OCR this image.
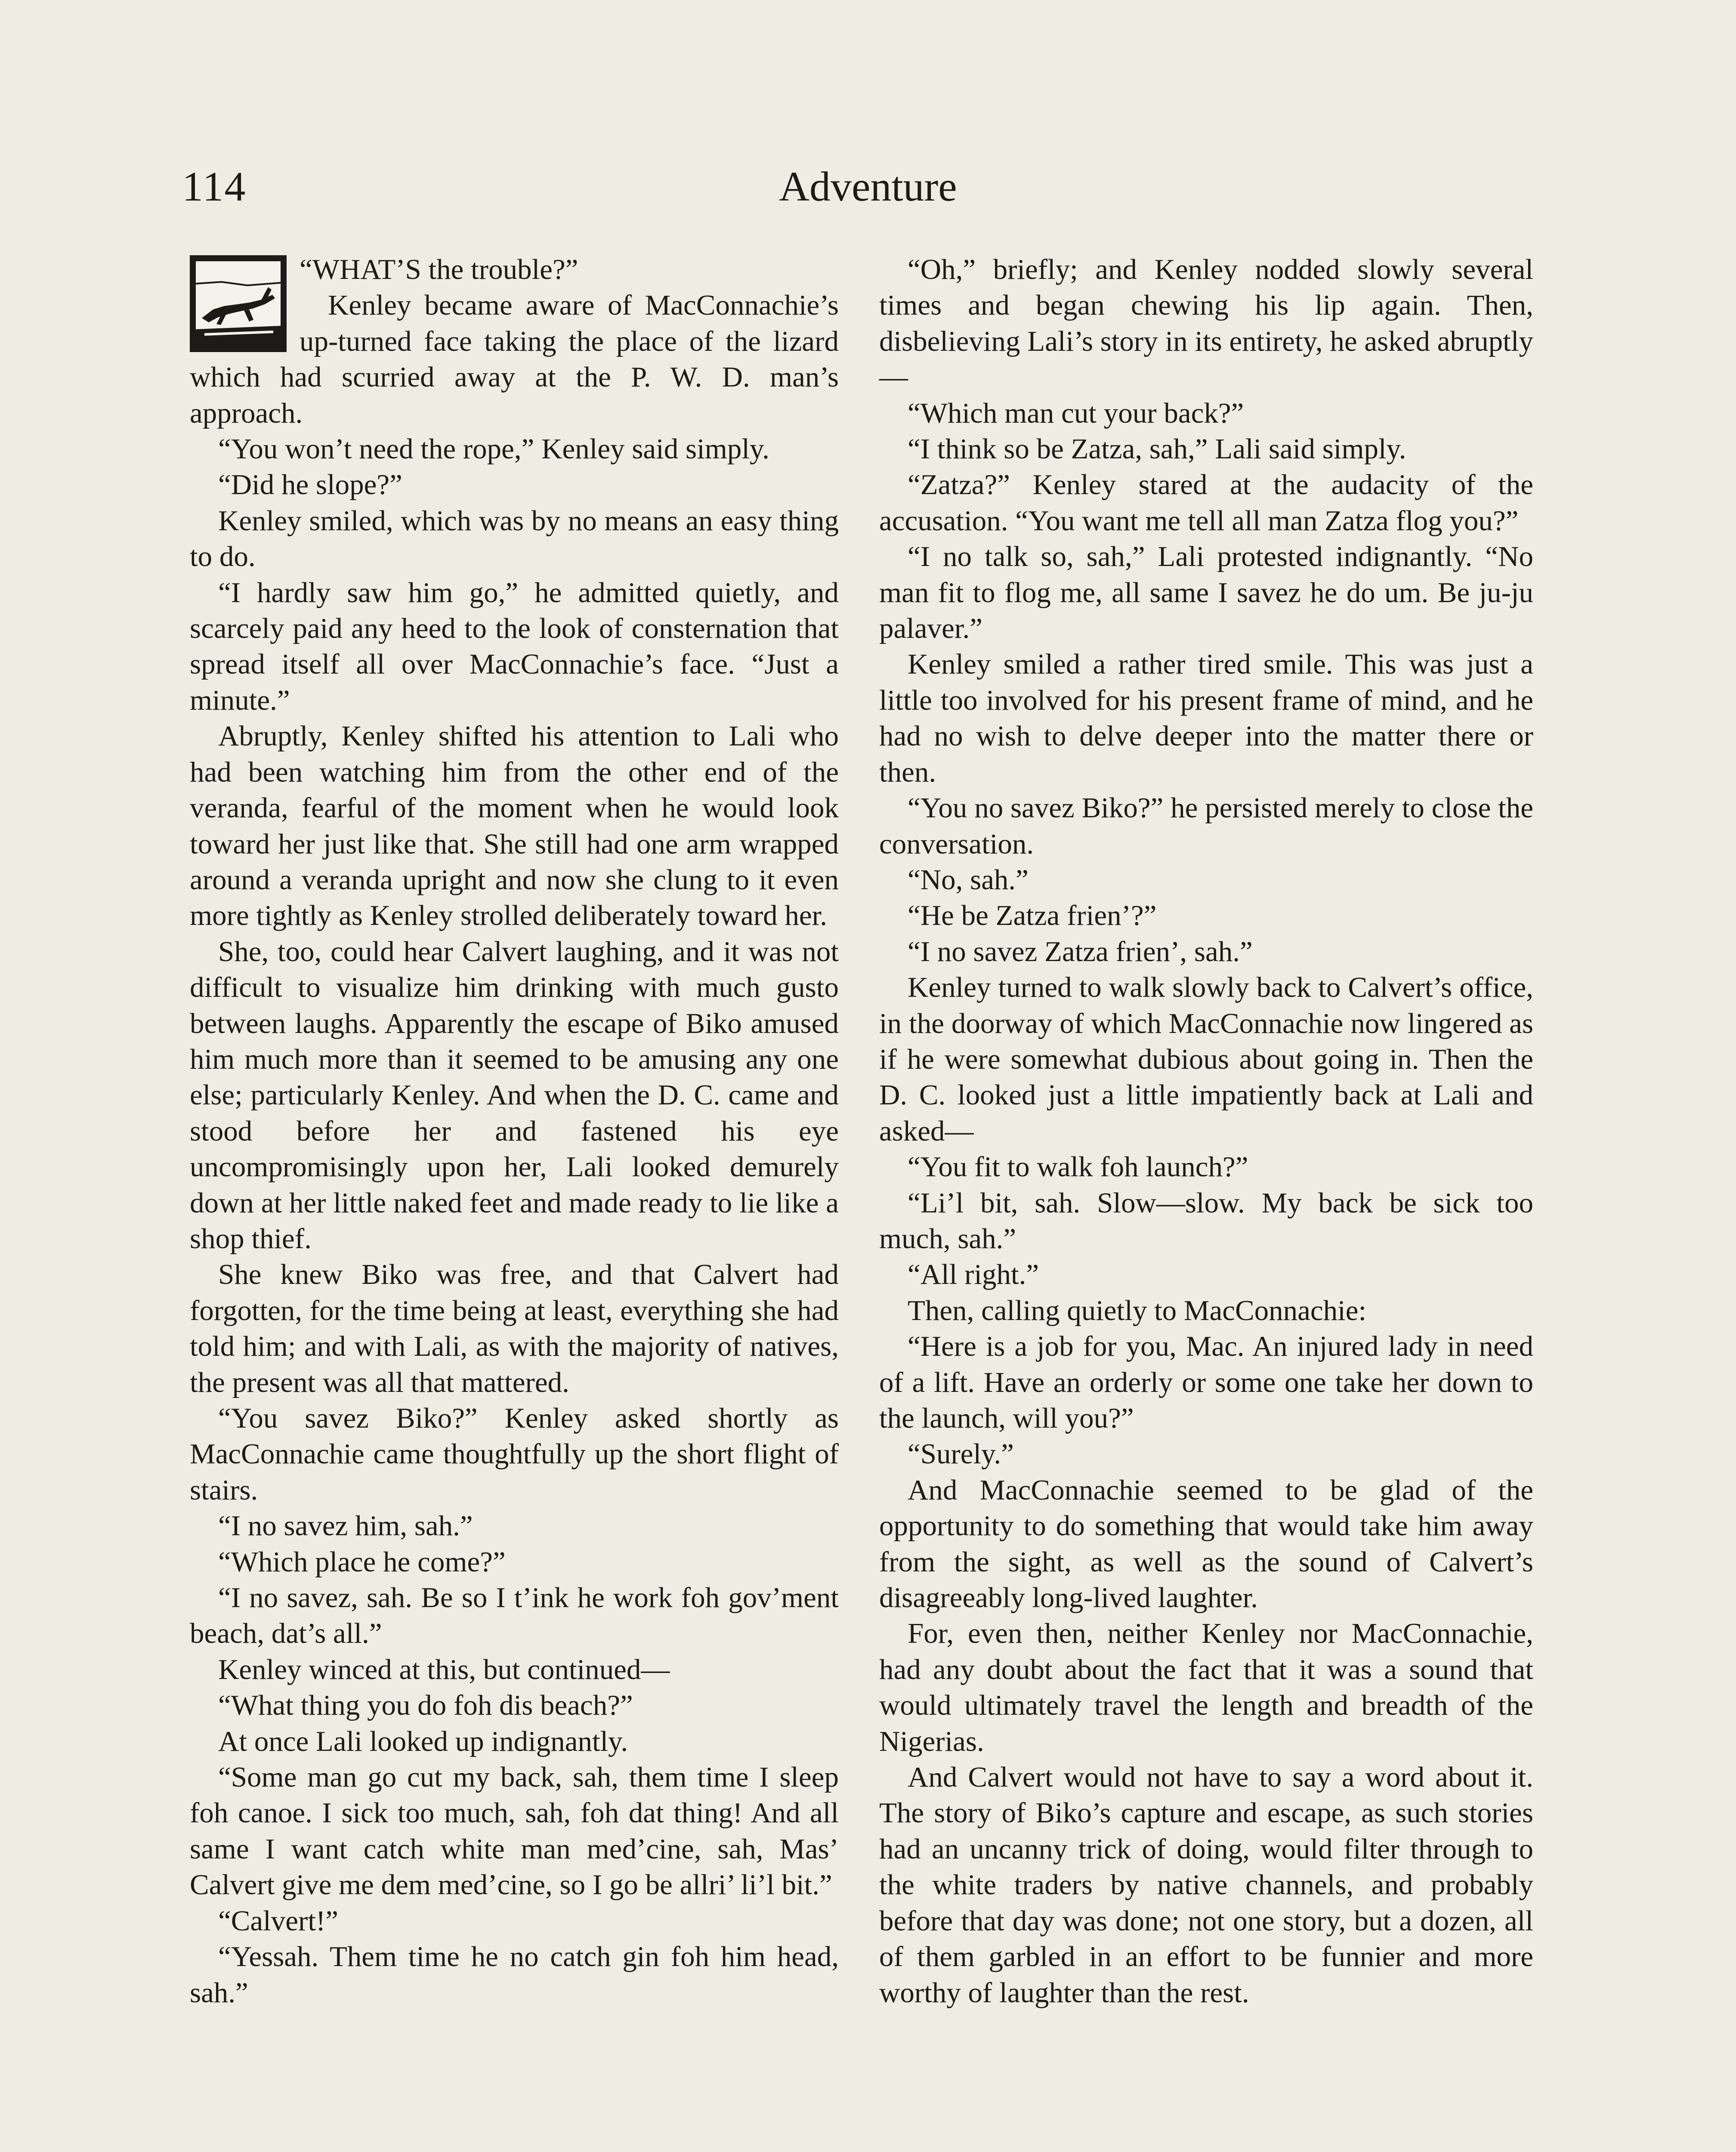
114	Adventure

“WHAT’S the trouble?”

Kenley became aware of MacConnachie’s up-turned face taking the place of the lizard which had scurried away at the P. W. D. man’s approach.

“You won’t need the rope,” Kenley said simply.

“Did he slope?”

Kenley smiled, which was by no means an easy thing to do.

“I hardly saw him go,” he admitted quietly, and scarcely paid any heed to the look of consternation that spread itself all over MacConnachie’s face. “Just a minute.”

Abruptly, Kenley shifted his attention to Lali who had been watching him from the other end of the veranda, fearful of the moment when he would look toward her just like that. She still had one arm wrapped around a veranda upright and now she clung to it even more tightly as Kenley strolled deliberately toward her.

She, too, could hear Calvert laughing, and it was not difficult to visualize him drinking with much gusto between laughs. Apparently the escape of Biko amused him much more than it seemed to be amusing any one else; particularly Kenley. And when the D. C. came and stood before her and fastened his eye uncompromisingly upon her, Lali looked demurely down at her little naked feet and made ready to lie like a shop thief.

She knew Biko was free, and that Calvert had forgotten, for the time being at least, everything she had told him; and with Lali, as with the majority of natives, the present was all that mattered.

“You savez Biko?” Kenley asked shortly as MacConnachie came thoughtfully up the short flight of stairs.

“I no savez him, sah.”

“Which place he come?”

“I no savez, sah. Be so I t’ink he work foh gov’ment beach, dat’s all.”

Kenley winced at this, but continued—

“What thing you do foh dis beach?”

At once Lali looked up indignantly.

“Some man go cut my back, sah, them time I sleep foh canoe. I sick too much, sah, foh dat thing! And all same I want catch white man med’cine, sah, Mas’ Calvert give me dem med’cine, so I go be allri’ li’l bit.”

“Calvert!”

“Yessah. Them time he no catch gin foh him head, sah.”

“Oh,” briefly; and Kenley nodded slowly several times and began chewing his lip again. Then, disbelieving Lali’s story in its entirety, he asked abruptly—

“Which man cut your back?”

“I think so be Zatza, sah,” Lali said simply.

“Zatza?” Kenley stared at the audacity of the accusation. “You want me tell all man Zatza flog you?”

“I no talk so, sah,” Lali protested indignantly. “No man fit to flog me, all same I savez he do um. Be ju-ju palaver.”

Kenley smiled a rather tired smile. This was just a little too involved for his present frame of mind, and he had no wish to delve deeper into the matter there or then.

“You no savez Biko?” he persisted merely to close the conversation.

“No, sah.”

“He be Zatza frien’?”

“I no savez Zatza frien’, sah.”

Kenley turned to walk slowly back to Calvert’s office, in the doorway of which MacConnachie now lingered as if he were somewhat dubious about going in. Then the D. C. looked just a little impatiently back at Lali and asked—

“You fit to walk foh launch?”

“Li’l bit, sah. Slow—slow. My back be sick too much, sah.”

“All right.”

Then, calling quietly to MacConnachie:

“Here is a job for you, Mac. An injured lady in need of a lift. Have an orderly or some one take her down to the launch, will you?”

“Surely.”

And MacConnachie seemed to be glad of the opportunity to do something that would take him away from the sight, as well as the sound of Calvert’s disagreeably long-lived laughter.

For, even then, neither Kenley nor MacConnachie, had any doubt about the fact that it was a sound that would ultimately travel the length and breadth of the Nigerias.

And Calvert would not have to say a word about it. The story of Biko’s capture and escape, as such stories had an uncanny trick of doing, would filter through to the white traders by native channels, and probably before that day was done; not one story, but a dozen, all of them garbled in an effort to be funnier and more worthy of laughter than the rest.
